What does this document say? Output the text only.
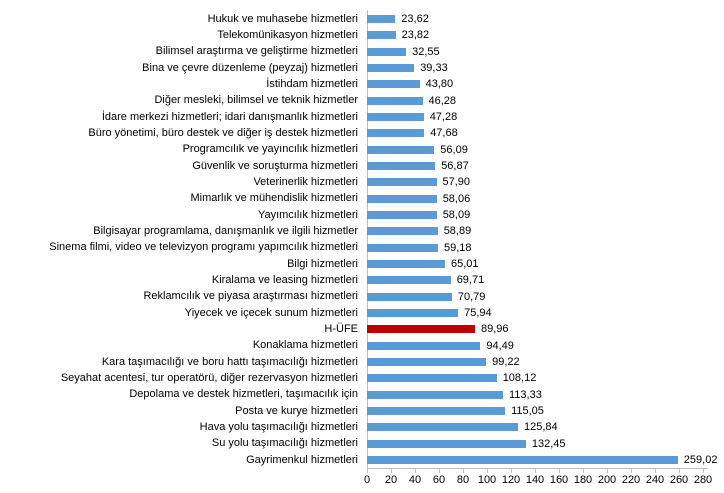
Hukuk ve muhasebe hizmetleri	23,62
Telekomünikasyon hizmetleri	23,82
Bilimsel araştırma ve geliştirme hizmetleri	32,55
Bina ve çevre düzenleme (peyzaj) hizmetleri	39,33
İstihdam hizmetleri	43,80
Diğer mesleki, bilimsel ve teknik hizmetler	46,28
İdare merkezi hizmetleri; idari danışmanlık hizmetleri	47,28
Büro yönetimi, büro destek ve diğer iş destek hizmetleri	47,68
Programcılık ve yayıncılık hizmetleri	56,09
Güvenlik ve soruşturma hizmetleri	56,87
Veterinerlik hizmetleri	57,90
Mimarlık ve mühendislik hizmetleri	58,06
Yayımcılık hizmetleri	58,09
Bilgisayar programlama, danışmanlık ve ilgili hizmetler	58,89
Sinema filmi, video ve televizyon programı yapımcılık hizmetleri	59,18
Bilgi hizmetleri	65,01
Kiralama ve leasing hizmetleri	69,71
Reklamcılık ve piyasa araştırması hizmetleri	70,79
Yiyecek ve içecek sunum hizmetleri	75,94
H-ÜFE	89,96
Konaklama hizmetleri	94,49
Kara taşımacılığı ve boru hattı taşımacılığı hizmetleri	99,22
Seyahat acentesi, tur operatörü, diğer rezervasyon hizmetleri	108,12
Depolama ve destek hizmetleri, taşımacılık için	113,33
Posta ve kurye hizmetleri	115,05
Hava yolu taşımacılığı hizmetleri	125,84
Su yolu taşımacılığı hizmetleri	132,45
Gayrimenkul hizmetleri	259,02
0 20 40 60 80 100 120 140 160 180 200 220 240 260 280
